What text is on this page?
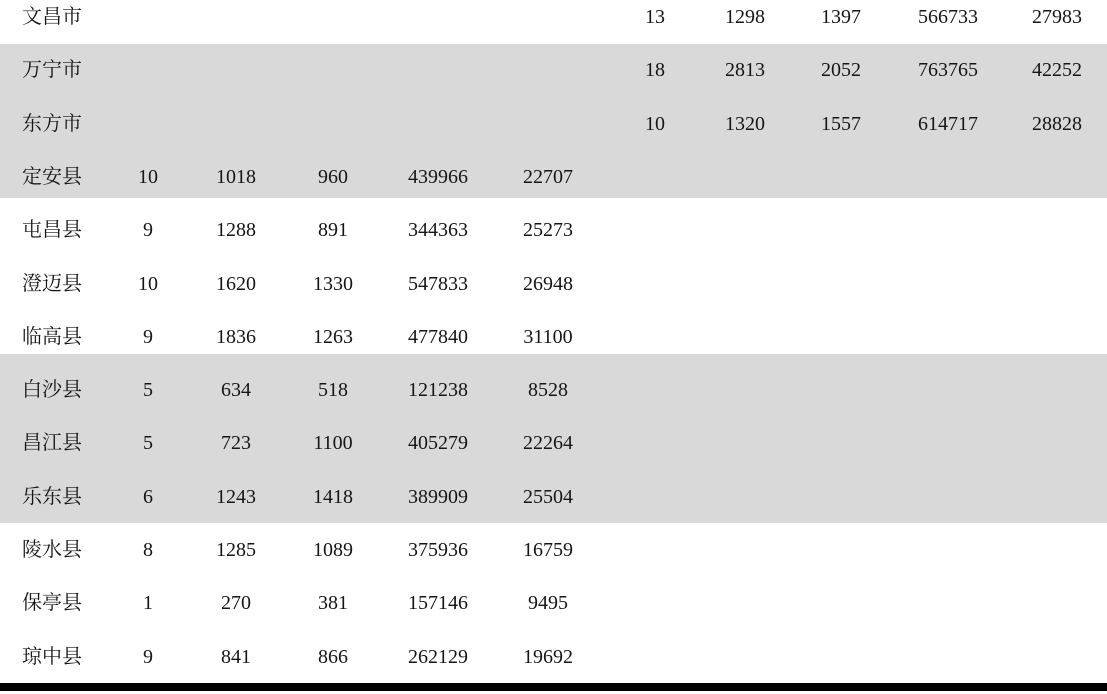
文昌市	13	1298	1397	566733	27983
万宁市	18	2813	2052	763765	42252
东方市	10	1320	1557	614717	28828
定安县	10	1018	960	439966	22707
屯昌县	9	1288	891	344363	25273
澄迈县	10	1620	1330	547833	26948
临高县	9	1836	1263	477840	31100
白沙县	5	634	518	121238	8528
昌江县	5	723	1100	405279	22264
乐东县	6	1243	1418	389909	25504
陵水县	8	1285	1089	375936	16759
保亭县	1	270	381	157146	9495
琼中县	9	841	866	262129	19692
